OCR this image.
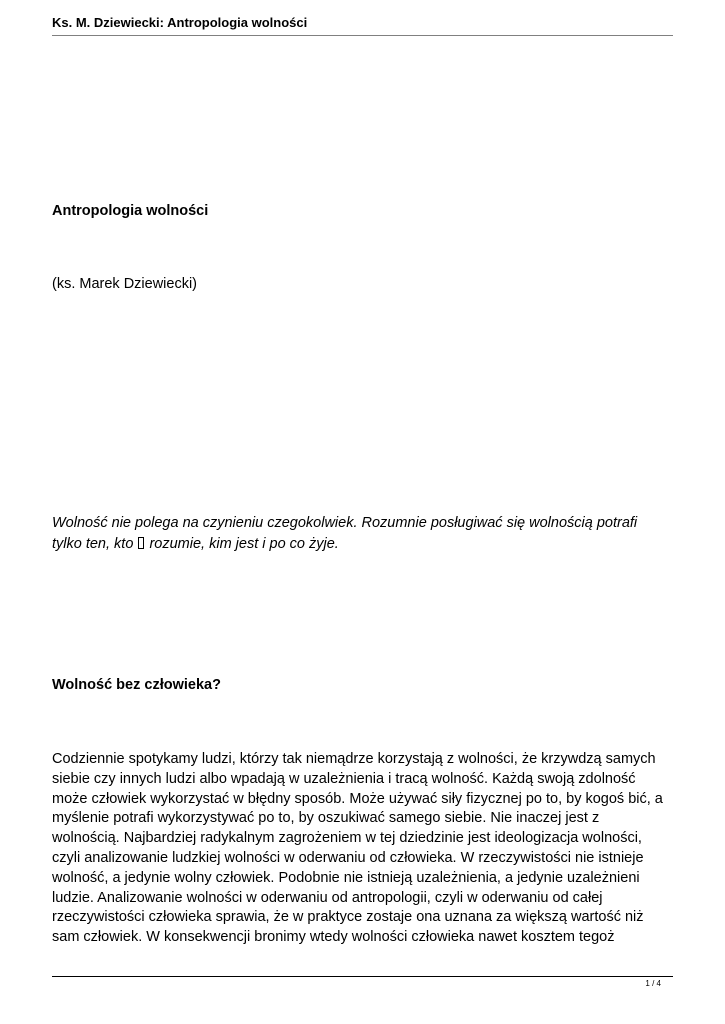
Ks. M. Dziewiecki: Antropologia wolności
Antropologia wolności
(ks. Marek Dziewiecki)
Wolność nie polega na czynieniu czegokolwiek. Rozumnie posługiwać się wolnością potrafi
tylko ten, kto  rozumie, kim jest i po co żyje.
Wolność bez człowieka?
Codziennie spotykamy ludzi, którzy tak niemądrze korzystają z wolności, że krzywdzą samych
siebie czy innych ludzi albo wpadają w uzależnienia i tracą wolność. Każdą swoją zdolność
może człowiek wykorzystać w błędny sposób. Może używać siły fizycznej po to, by kogoś bić, a
myślenie potrafi wykorzystywać po to, by oszukiwać samego siebie. Nie inaczej jest z
wolnością. Najbardziej radykalnym zagrożeniem w tej dziedzinie jest ideologizacja wolności,
czyli analizowanie ludzkiej wolności w oderwaniu od człowieka. W rzeczywistości nie istnieje
wolność, a jedynie wolny człowiek. Podobnie nie istnieją uzależnienia, a jedynie uzależnieni
ludzie. Analizowanie wolności w oderwaniu od antropologii, czyli w oderwaniu od całej
rzeczywistości człowieka sprawia, że w praktyce zostaje ona uznana za większą wartość niż
sam człowiek. W konsekwencji bronimy wtedy wolności człowieka nawet kosztem tegoż
1 / 4
